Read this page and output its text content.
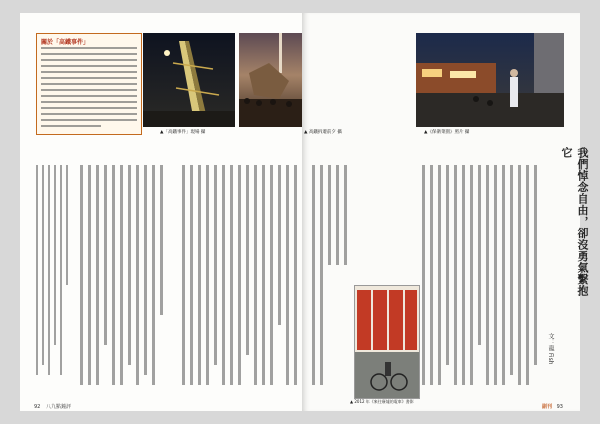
關於「高鐵事件」
▲「高鐵事件」現場 攝
92 八九點鐘評
▲《保衛菜園》照片 攝
▲ 高鐵拆遷前夕 攝
我們悼念自由，卻沒勇氣繫抱它
文：龍 Fish
▲ 2012 年《來往廢墟的電車》書影
副刊 93
